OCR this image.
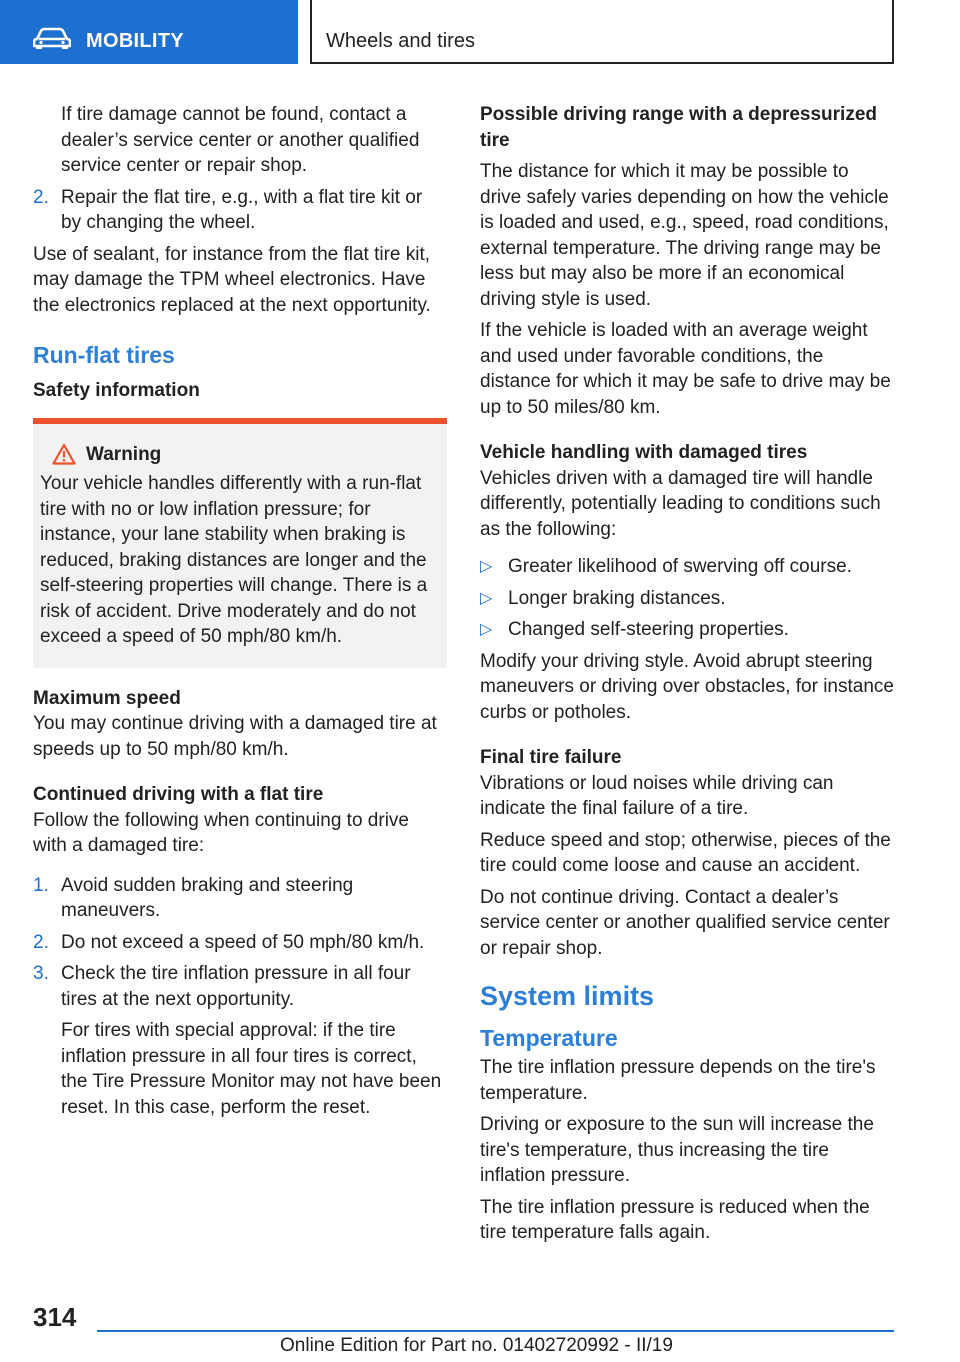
MOBILITY	Wheels and tires

If tire damage cannot be found, contact a dealer’s service center or another qualified service center or repair shop.

2. Repair the flat tire, e.g., with a flat tire kit or by changing the wheel.

Use of sealant, for instance from the flat tire kit, may damage the TPM wheel electronics. Have the electronics replaced at the next opportunity.

Run-flat tires
Safety information
Warning
Your vehicle handles differently with a run-flat tire with no or low inflation pressure; for instance, your lane stability when braking is reduced, braking distances are longer and the self-steering properties will change. There is a risk of accident. Drive moderately and do not exceed a speed of 50 mph/80 km/h.
Maximum speed

You may continue driving with a damaged tire at speeds up to 50 mph/80 km/h.

Continued driving with a flat tire

Follow the following when continuing to drive with a damaged tire:

1. Avoid sudden braking and steering maneuvers.
2. Do not exceed a speed of 50 mph/80 km/h.
3. Check the tire inflation pressure in all four tires at the next opportunity.

For tires with special approval: if the tire inflation pressure in all four tires is correct, the Tire Pressure Monitor may not have been reset. In this case, perform the reset.

Possible driving range with a depressurized tire

The distance for which it may be possible to drive safely varies depending on how the vehicle is loaded and used, e.g., speed, road conditions, external temperature. The driving range may be less but may also be more if an economical driving style is used.

If the vehicle is loaded with an average weight and used under favorable conditions, the distance for which it may be safe to drive may be up to 50 miles/80 km.

Vehicle handling with damaged tires

Vehicles driven with a damaged tire will handle differently, potentially leading to conditions such as the following:

▷ Greater likelihood of swerving off course.
▷ Longer braking distances.
▷ Changed self-steering properties.

Modify your driving style. Avoid abrupt steering maneuvers or driving over obstacles, for instance curbs or potholes.

Final tire failure

Vibrations or loud noises while driving can indicate the final failure of a tire.

Reduce speed and stop; otherwise, pieces of the tire could come loose and cause an accident.

Do not continue driving. Contact a dealer’s service center or another qualified service center or repair shop.

System limits
Temperature

The tire inflation pressure depends on the tire's temperature.

Driving or exposure to the sun will increase the tire's temperature, thus increasing the tire inflation pressure.

The tire inflation pressure is reduced when the tire temperature falls again.

314
Online Edition for Part no. 01402720992 - II/19
